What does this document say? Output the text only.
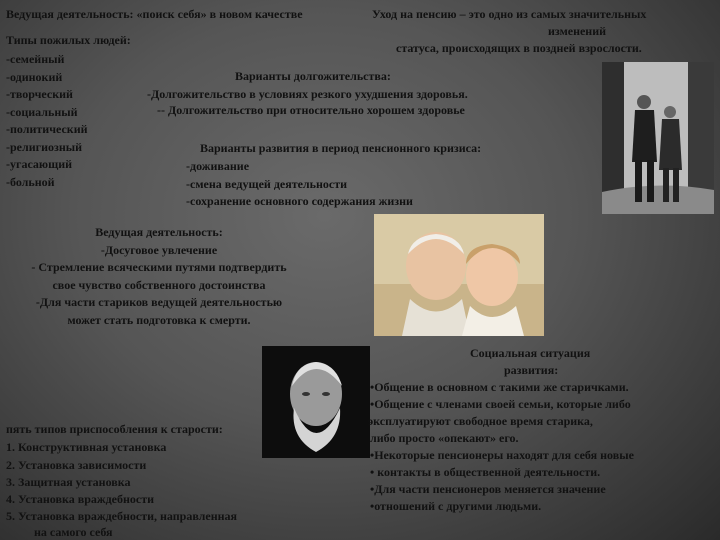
Ведущая деятельность: «поиск себя» в новом качестве	Уход на пенсию – это одно из самых значительных
изменений
статуса, происходящих в поздней взрослости.
Типы пожилых людей:
-семейный
-одинокий
-творческий
-социальный
-политический
-религиозный
-угасающий
-больной
Варианты долгожительства:
-Долгожительство в условиях резкого ухудшения здоровья.
-- Долгожительство при относительно хорошем здоровье
Варианты развития в период пенсионного кризиса:
-доживание
-смена ведущей деятельности
-сохранение основного содержания жизни
Ведущая деятельность:
-Досуговое увлечение
- Стремление всяческими путями подтвердить
свое чувство собственного достоинства
-Для части стариков ведущей деятельностью
может стать подготовка к смерти.
пять типов приспособления к старости:
1. Конструктивная установка
2. Установка зависимости
3. Защитная установка
4. Установка враждебности
5. Установка враждебности, направленная
на самого себя
Социальная ситуация
развития:
•Общение в основном с такими же старичками.
•Общение с членами своей семьи, которые либо
эксплуатируют свободное время старика,
либо просто «опекают» его.
•Некоторые пенсионеры находят для себя новые
• контакты в общественной деятельности.
•Для части пенсионеров меняется значение
•отношений с другими людьми.
